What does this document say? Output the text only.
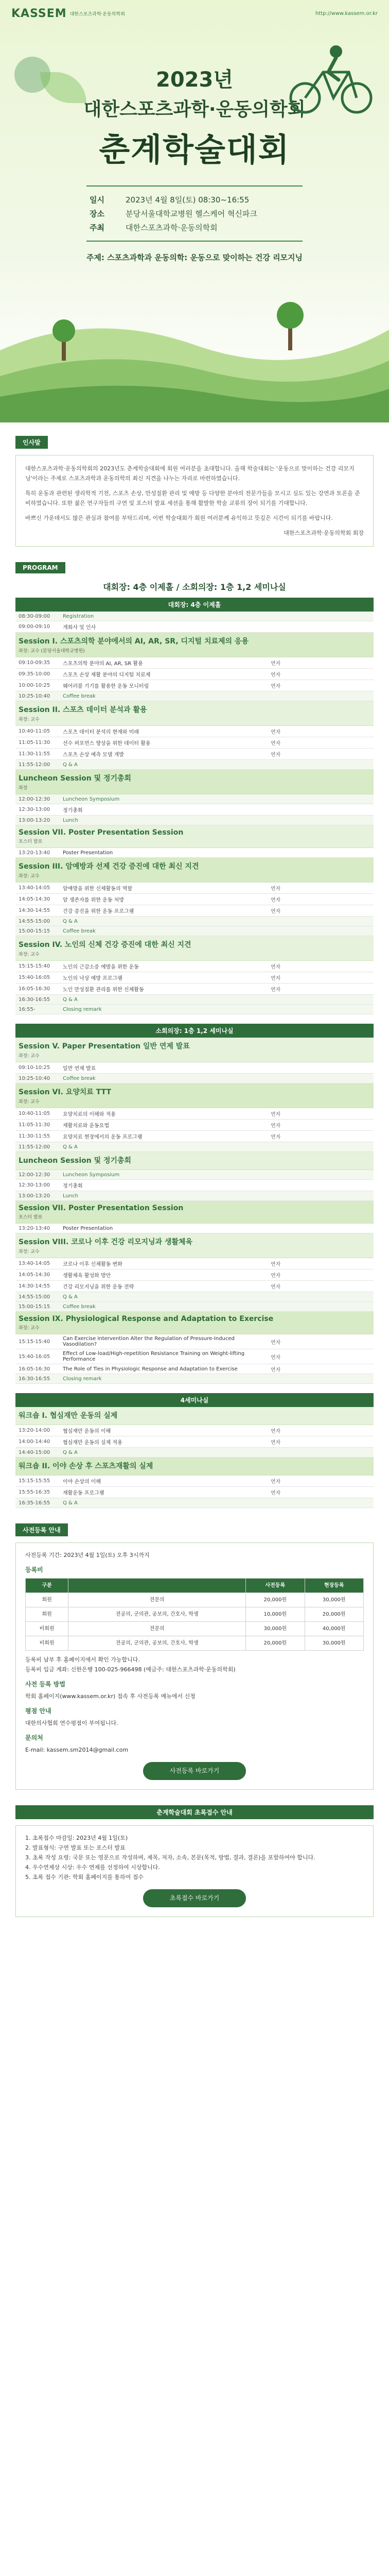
KASSEM 대한스포츠과학·운동의학회	http://www.kassem.or.kr
2023년
대한스포츠과학·운동의학회
춘계학술대회
일시	2023년 4월 8일(토) 08:30~16:55
장소	분당서울대학교병원 헬스케어 혁신파크
주최	대한스포츠과학·운동의학회
주제: 스포츠과학과 운동의학: 운동으로 맞이하는 건강 리모지닝
인사말

대한스포츠과학·운동의학회의 2023년도 춘계학술대회에 회원 여러분을 초대합니다. 올해 학술대회는 '운동으로 맞이하는 건강 리모지닝'이라는 주제로 스포츠과학과 운동의학의 최신 지견을 나누는 자리로 마련하였습니다.

특히 운동과 관련된 생리학적 기전, 스포츠 손상, 만성질환 관리 및 예방 등 다양한 분야의 전문가들을 모시고 심도 있는 강연과 토론을 준비하였습니다. 또한 젊은 연구자들의 구연 및 포스터 발표 세션을 통해 활발한 학술 교류의 장이 되기를 기대합니다.

바쁘신 가운데서도 많은 관심과 참여를 부탁드리며, 이번 학술대회가 회원 여러분께 유익하고 뜻깊은 시간이 되기를 바랍니다.

대한스포츠과학·운동의학회 회장
PROGRAM
대회장: 4층 이제홀 / 소회의장: 1층 1,2 세미나실
대회장: 4층 이제홀
08:30-09:00	Registration
09:00-09:10	개회사 및 인사
Session I. 스포츠의학 분야에서의 AI, AR, SR, 디지털 치료제의 응용
좌장: 교수 (분당서울대학교병원)
09:10-09:35	스포츠의학 분야의 AI, AR, SR 활용	연자
09:35-10:00	스포츠 손상 재활 분야의 디지털 치료제	연자
10:00-10:25	웨어러블 기기를 활용한 운동 모니터링	연자
10:25-10:40	Coffee break
Session II. 스포츠 데이터 분석과 활용
좌장: 교수
10:40-11:05	스포츠 데이터 분석의 현재와 미래	연자
11:05-11:30	선수 퍼포먼스 향상을 위한 데이터 활용	연자
11:30-11:55	스포츠 손상 예측 모델 개발	연자
11:55-12:00	Q & A
Luncheon Session 및 정기총회
좌장
12:00-12:30	Luncheon Symposium
12:30-13:00	정기총회
13:00-13:20	Lunch
Session VII. Poster Presentation Session
포스터 발표
13:20-13:40	Poster Presentation
Session III. 암예방과 선제 건강 증진에 대한 최신 지견
좌장: 교수
13:40-14:05	암예방을 위한 신체활동의 역할	연자
14:05-14:30	암 생존자를 위한 운동 처방	연자
14:30-14:55	건강 증진을 위한 운동 프로그램	연자
14:55-15:00	Q & A
15:00-15:15	Coffee break
Session IV. 노인의 신체 건강 증진에 대한 최신 지견
좌장: 교수
15:15-15:40	노인의 근감소증 예방을 위한 운동	연자
15:40-16:05	노인의 낙상 예방 프로그램	연자
16:05-16:30	노인 만성질환 관리를 위한 신체활동	연자
16:30-16:55	Q & A
16:55-	Closing remark
소회의장: 1층 1,2 세미나실
Session V. Paper Presentation 일반 연제 발표
좌장: 교수
09:10-10:25	일반 연제 발표
10:25-10:40	Coffee break
Session VI. 요양치료 TTT
좌장: 교수
10:40-11:05	요양치료의 이해와 적용	연자
11:05-11:30	재활치료와 운동요법	연자
11:30-11:55	요양치료 현장에서의 운동 프로그램	연자
11:55-12:00	Q & A
Luncheon Session 및 정기총회
12:00-12:30	Luncheon Symposium
12:30-13:00	정기총회
13:00-13:20	Lunch
Session VII. Poster Presentation Session
포스터 발표
13:20-13:40	Poster Presentation
Session VIII. 코로나 이후 건강 리모지닝과 생활체육
좌장: 교수
13:40-14:05	코로나 이후 신체활동 변화	연자
14:05-14:30	생활체육 활성화 방안	연자
14:30-14:55	건강 리모지닝을 위한 운동 전략	연자
14:55-15:00	Q & A
15:00-15:15	Coffee break
Session IX. Physiological Response and Adaptation to Exercise
좌장: 교수
15:15-15:40	Can Exercise Intervention Alter the Regulation of Pressure-Induced Vasodilation?	연자
15:40-16:05	Effect of Low-load/High-repetition Resistance Training on Weight-lifting Performance	연자
16:05-16:30	The Role of Ties in Physiologic Response and Adaptation to Exercise	연자
16:30-16:55	Closing remark
4세미나실
워크숍 I. 협심재만 운동의 실제
13:20-14:00	협심재만 운동의 이해	연자
14:00-14:40	협심재만 운동의 실제 적용	연자
14:40-15:00	Q & A
워크숍 II. 이야 손상 후 스포츠재활의 실제
15:15-15:55	이야 손상의 이해	연자
15:55-16:35	재활운동 프로그램	연자
16:35-16:55	Q & A
사전등록 안내
사전등록 기간: 2023년 4월 1일(토) 오후 3시까지
등록비
구분		사전등록	현장등록
회원	전문의	20,000원	30,000원
회원	전공의, 군의관, 공보의, 간호사, 학생	10,000원	20,000원
비회원	전문의	30,000원	40,000원
비회원	전공의, 군의관, 공보의, 간호사, 학생	20,000원	30,000원
등록비 납부 후 홈페이지에서 확인 가능합니다.
등록비 입금 계좌: 신한은행 100-025-966498 (예금주: 대한스포츠과학·운동의학회)
사전 등록 방법
학회 홈페이지(www.kassem.or.kr) 접속 후 사전등록 메뉴에서 신청
평점 안내
대한의사협회 연수평점이 부여됩니다.
문의처
E-mail: kassem.sm2014@gmail.com
사전등록 바로가기
춘계학술대회 초록접수 안내
1. 초록접수 마감일: 2023년 4월 1일(토)
2. 발표형식: 구연 발표 또는 포스터 발표
3. 초록 작성 요령: 국문 또는 영문으로 작성하며, 제목, 저자, 소속, 본문(목적, 방법, 결과, 결론)을 포함하여야 합니다.
4. 우수연제상 시상: 우수 연제를 선정하여 시상합니다.
5. 초록 접수 기관: 학회 홈페이지를 통하여 접수
초록접수 바로가기
